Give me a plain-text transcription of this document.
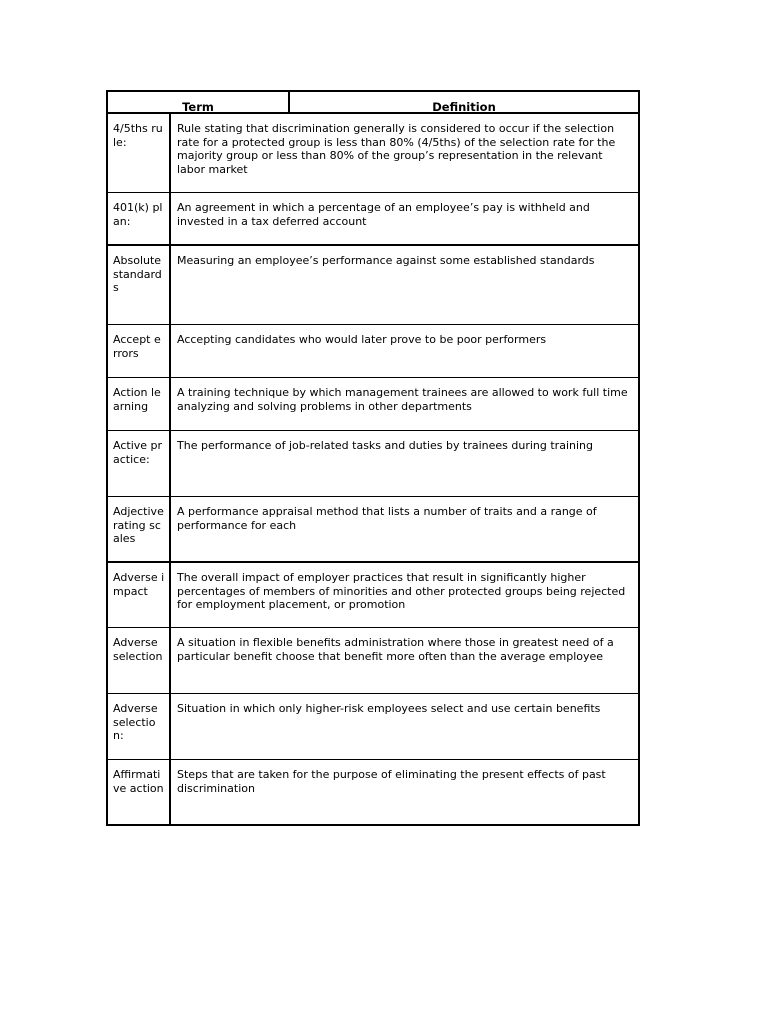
Term	Definition
4/5ths rule:
Rule stating that discrimination generally is considered to occur if the selection rate for a protected group is less than 80% (4/5ths) of the selection rate for the majority group or less than 80% of the group’s representation in the relevant labor market
401(k) plan:
An agreement in which a percentage of an employee’s pay is withheld and invested in a tax deferred account
Absolute standards
Measuring an employee’s performance against some established standards
Accept errors
Accepting candidates who would later prove to be poor performers
Action learning
A training technique by which management trainees are allowed to work full time analyzing and solving problems in other departments
Active practice:
The performance of job-related tasks and duties by trainees during training
Adjective rating scales
A performance appraisal method that lists a number of traits and a range of performance for each
Adverse impact
The overall impact of employer practices that result in significantly higher percentages of members of minorities and other protected groups being rejected for employment placement, or promotion
Adverse selection
A situation in flexible benefits administration where those in greatest need of a particular benefit choose that benefit more often than the average employee
Adverse selection:
Situation in which only higher-risk employees select and use certain benefits
Affirmative action
Steps that are taken for the purpose of eliminating the present effects of past discrimination
